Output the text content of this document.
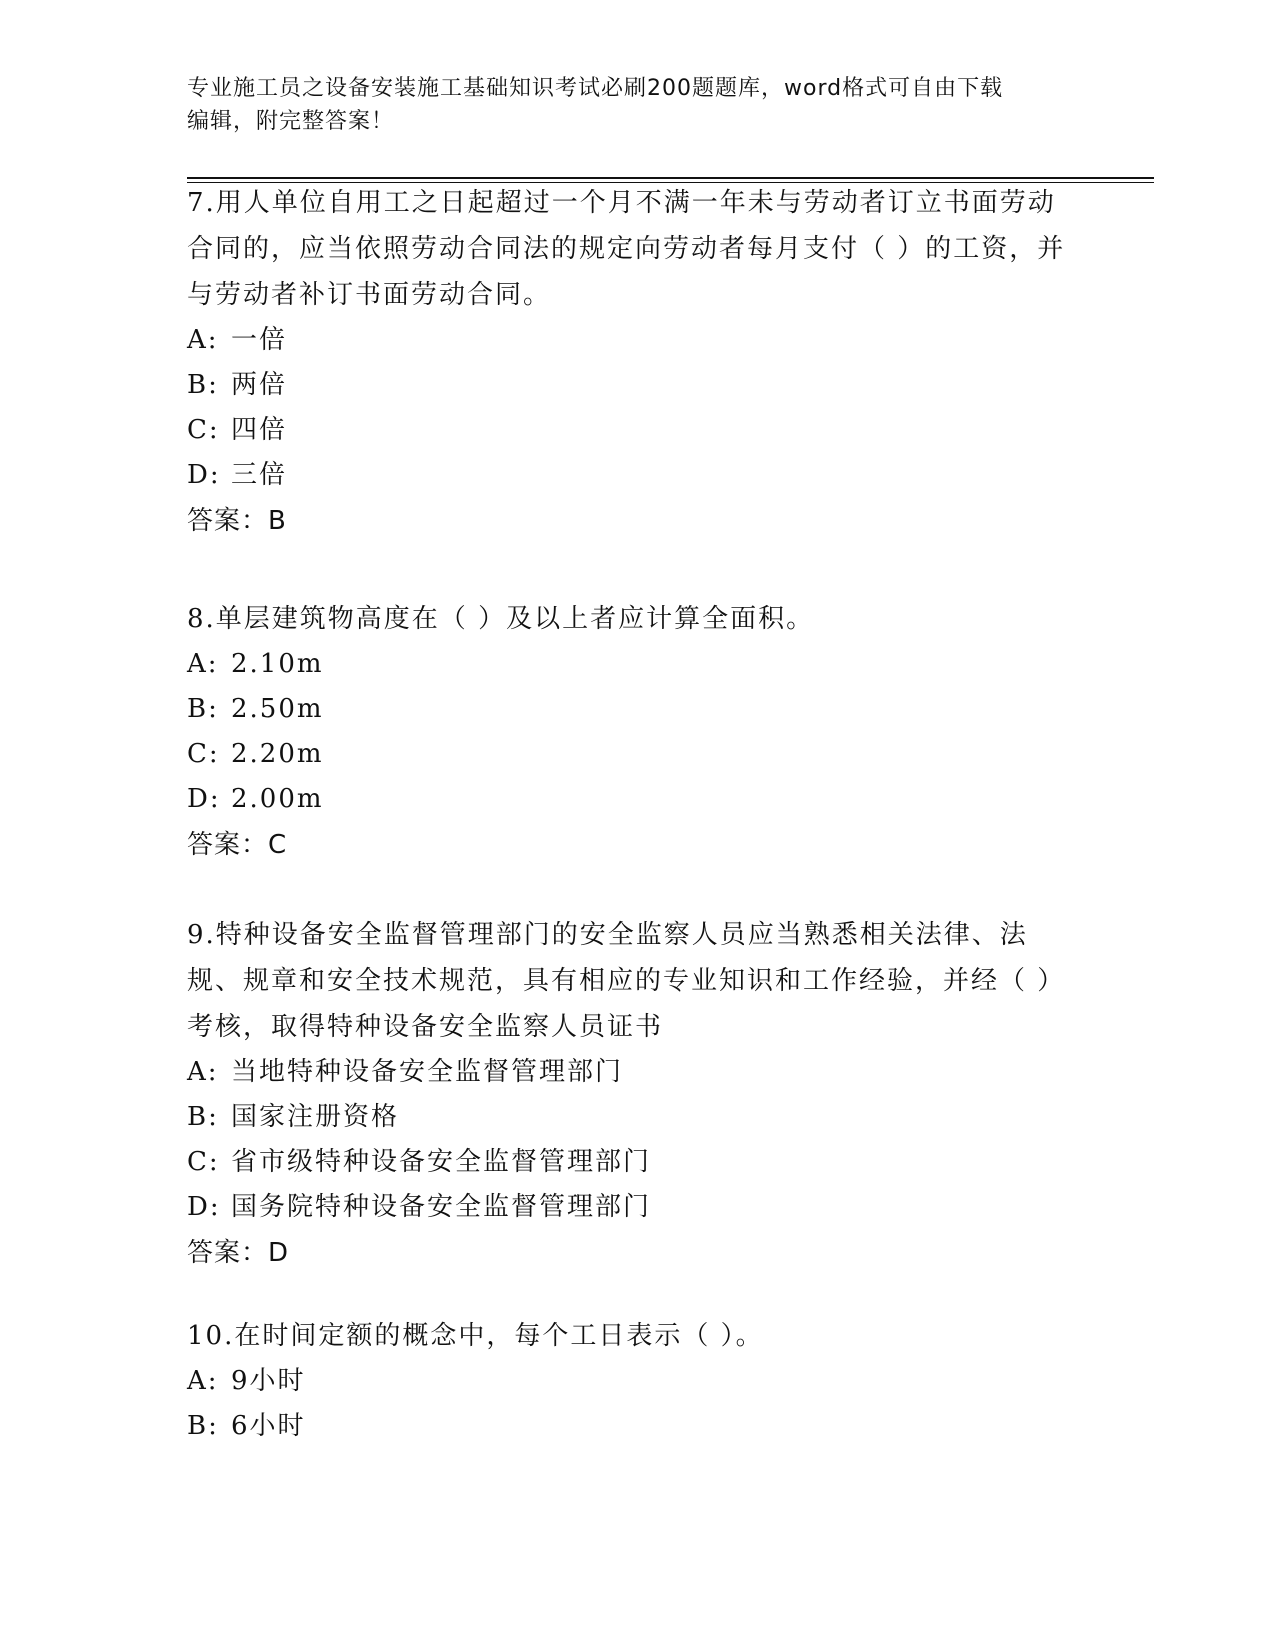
专业施工员之设备安装施工基础知识考试必刷200题题库，word格式可自由下载
编辑，附完整答案！

7.用人单位自用工之日起超过一个月不满一年未与劳动者订立书面劳动合同的，应当依照劳动合同法的规定向劳动者每月支付（ ）的工资，并与劳动者补订书面劳动合同。

A: 一倍

B: 两倍

C: 四倍

D: 三倍

答案：B

8.单层建筑物高度在（ ）及以上者应计算全面积。

A: 2.10m

B: 2.50m

C: 2.20m

D: 2.00m

答案：C

9.特种设备安全监督管理部门的安全监察人员应当熟悉相关法律、法规、规章和安全技术规范，具有相应的专业知识和工作经验，并经（ ）考核，取得特种设备安全监察人员证书

A: 当地特种设备安全监督管理部门

B: 国家注册资格

C: 省市级特种设备安全监督管理部门

D: 国务院特种设备安全监督管理部门

答案：D

10.在时间定额的概念中，每个工日表示（ ）。

A: 9小时

B: 6小时
